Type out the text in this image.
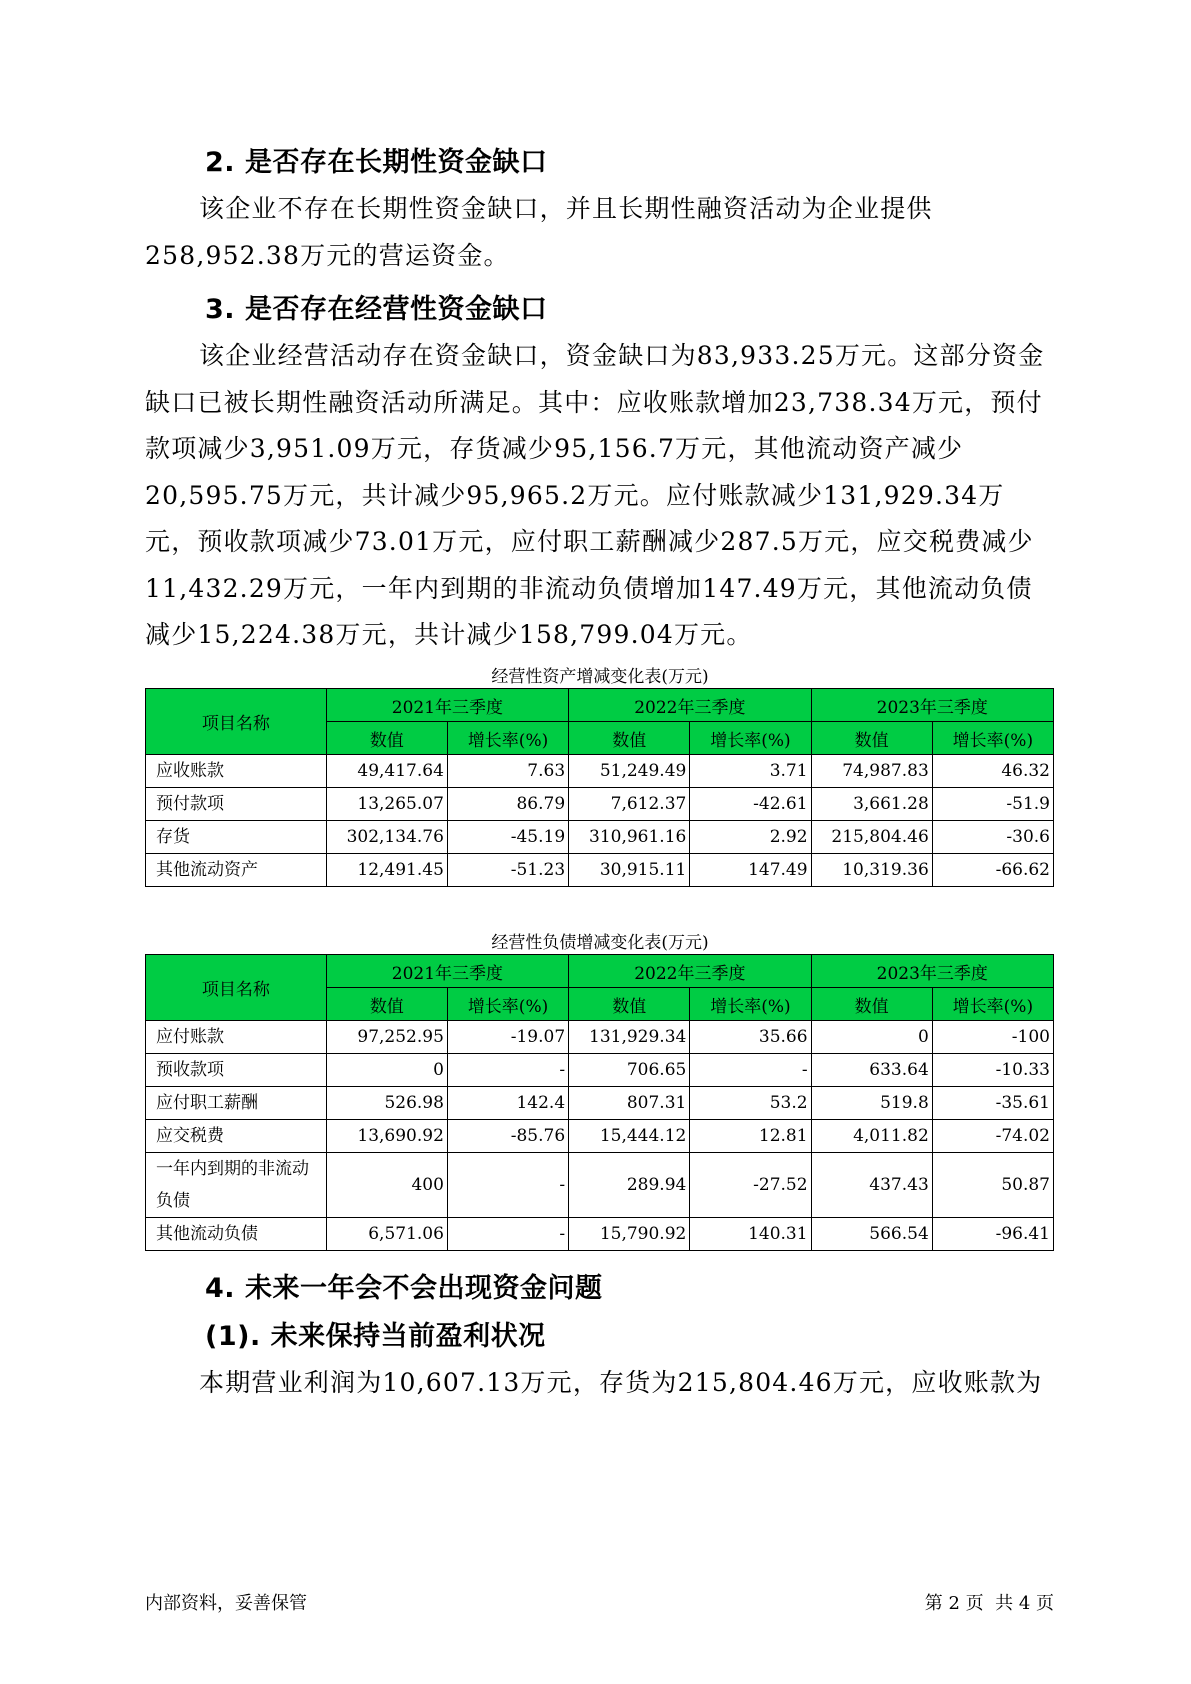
2. 是否存在长期性资金缺口

该企业不存在长期性资金缺口，并且长期性融资活动为企业提供258,952.38万元的营运资金。

3. 是否存在经营性资金缺口

该企业经营活动存在资金缺口，资金缺口为83,933.25万元。这部分资金缺口已被长期性融资活动所满足。其中：应收账款增加23,738.34万元，预付款项减少3,951.09万元，存货减少95,156.7万元，其他流动资产减少20,595.75万元，共计减少95,965.2万元。应付账款减少131,929.34万元，预收款项减少73.01万元，应付职工薪酬减少287.5万元，应交税费减少11,432.29万元，一年内到期的非流动负债增加147.49万元，其他流动负债减少15,224.38万元，共计减少158,799.04万元。

经营性资产增减变化表(万元)
项目名称	2021年三季度		2022年三季度		2023年三季度	
	数值	增长率(%)	数值	增长率(%)	数值	增长率(%)
应收账款	49,417.64	7.63	51,249.49	3.71	74,987.83	46.32
预付款项	13,265.07	86.79	7,612.37	-42.61	3,661.28	-51.9
存货	302,134.76	-45.19	310,961.16	2.92	215,804.46	-30.6
其他流动资产	12,491.45	-51.23	30,915.11	147.49	10,319.36	-66.62
经营性负债增减变化表(万元)
项目名称	2021年三季度		2022年三季度		2023年三季度	
	数值	增长率(%)	数值	增长率(%)	数值	增长率(%)
应付账款	97,252.95	-19.07	131,929.34	35.66	0	-100
预收款项	0	-	706.65	-	633.64	-10.33
应付职工薪酬	526.98	142.4	807.31	53.2	519.8	-35.61
应交税费	13,690.92	-85.76	15,444.12	12.81	4,011.82	-74.02
一年内到期的非流动负债	400	-	289.94	-27.52	437.43	50.87
其他流动负债	6,571.06	-	15,790.92	140.31	566.54	-96.41
4. 未来一年会不会出现资金问题
(1). 未来保持当前盈利状况

本期营业利润为10,607.13万元，存货为215,804.46万元，应收账款为

内部资料，妥善保管	第 2 页  共 4 页
